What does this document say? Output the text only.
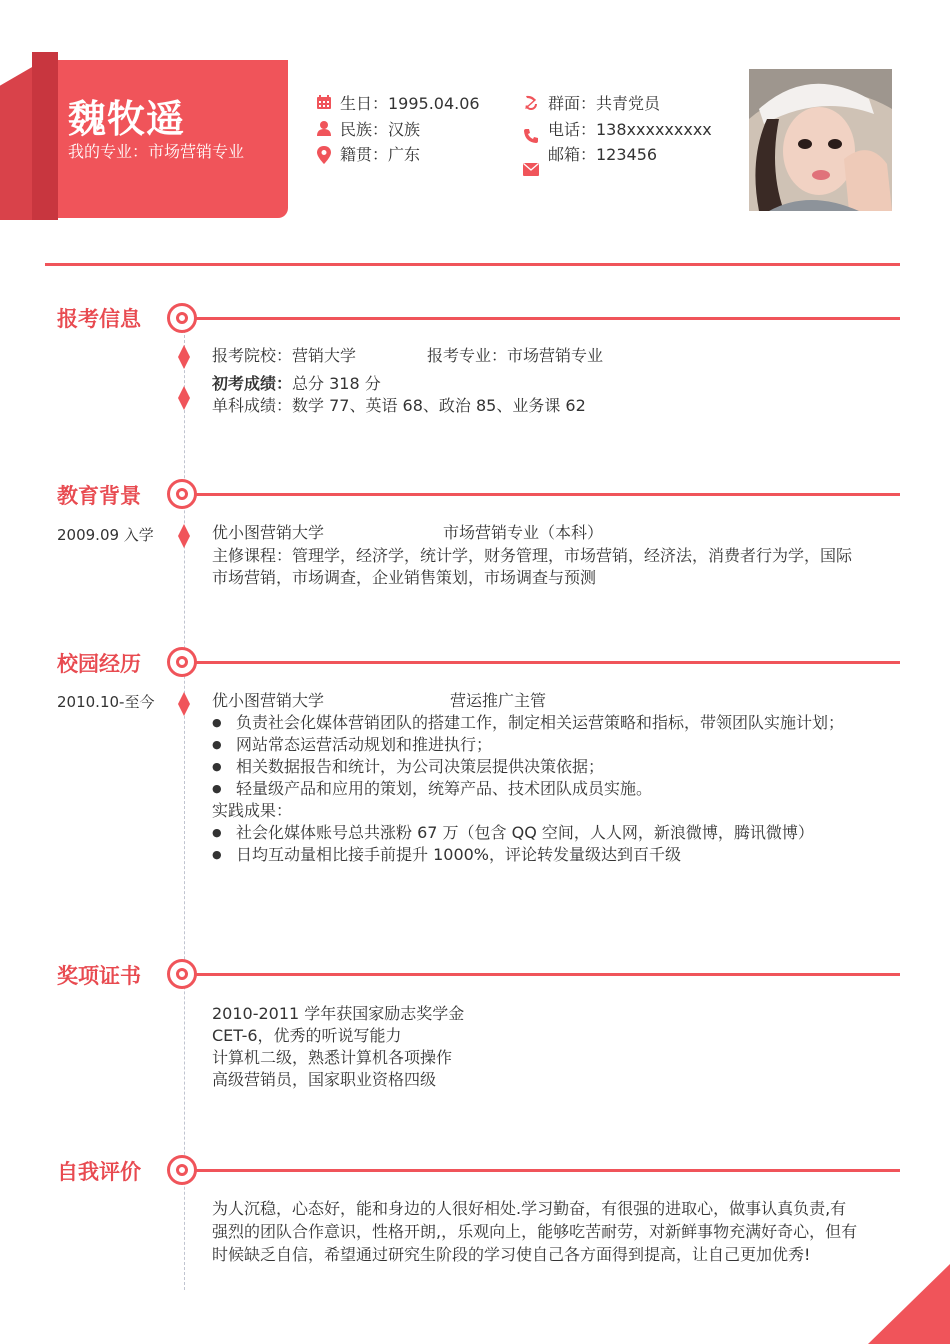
魏牧遥
我的专业：市场营销专业
生日：1995.04.06
民族：汉族
籍贯：广东
群面：共青党员
电话：138xxxxxxxxx
邮箱：123456
报考信息
报考院校：营销大学	报考专业：市场营销专业
初考成绩：总分 318 分
单科成绩：数学 77、英语 68、政治 85、业务课 62
教育背景
2009.09 入学	优小图营销大学	市场营销专业（本科）
主修课程：管理学，经济学，统计学，财务管理，市场营销，经济法，消费者行为学，国际
市场营销，市场调查，企业销售策划，市场调查与预测
校园经历
2010.10-至今	优小图营销大学	营运推广主管
● 负责社会化媒体营销团队的搭建工作，制定相关运营策略和指标，带领团队实施计划；
● 网站常态运营活动规划和推进执行；
● 相关数据报告和统计，为公司决策层提供决策依据；
● 轻量级产品和应用的策划，统筹产品、技术团队成员实施。
实践成果：
● 社会化媒体账号总共涨粉 67 万（包含 QQ 空间，人人网，新浪微博，腾讯微博）
● 日均互动量相比接手前提升 1000%，评论转发量级达到百千级
奖项证书
2010-2011 学年获国家励志奖学金
CET-6，优秀的听说写能力
计算机二级，熟悉计算机各项操作
高级营销员，国家职业资格四级
自我评价
为人沉稳，心态好，能和身边的人很好相处.学习勤奋，有很强的进取心，做事认真负责,有
强烈的团队合作意识，性格开朗,，乐观向上，能够吃苦耐劳，对新鲜事物充满好奇心，但有
时候缺乏自信，希望通过研究生阶段的学习使自己各方面得到提高，让自己更加优秀!
